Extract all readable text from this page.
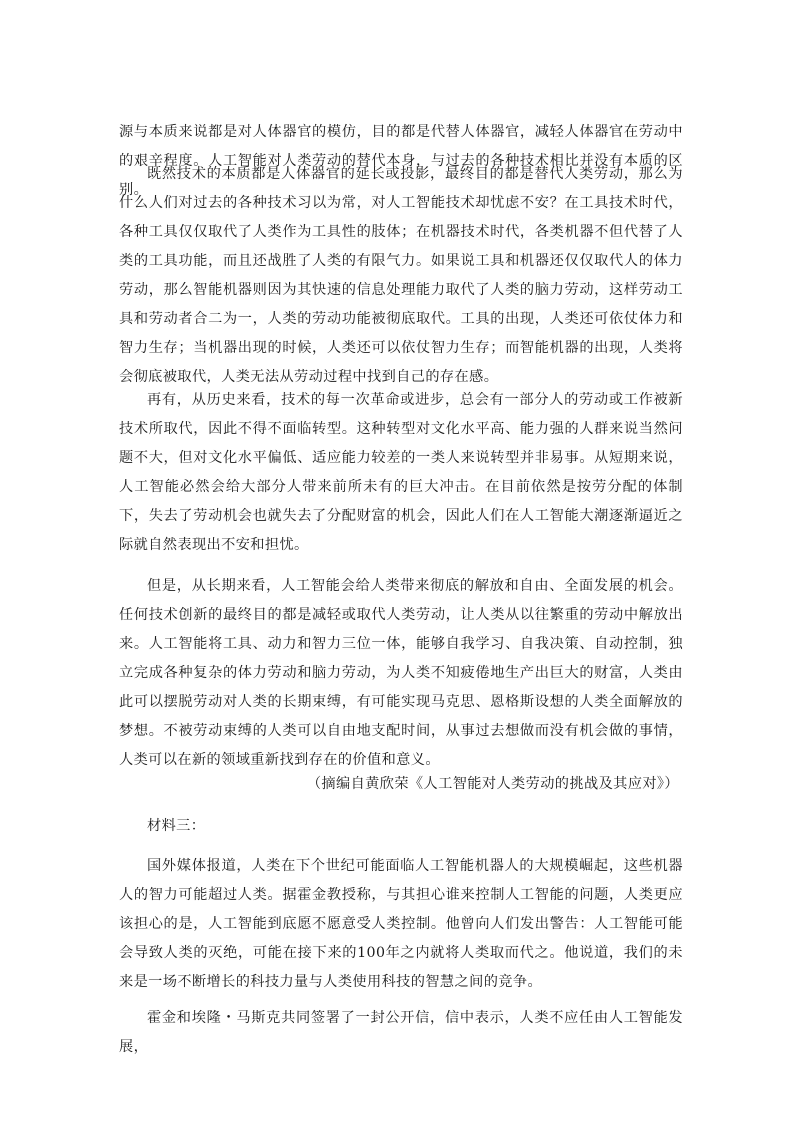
源与本质来说都是对人体器官的模仿，目的都是代替人体器官，减轻人体器官在劳动中的艰辛程度。人工智能对人类劳动的替代本身，与过去的各种技术相比并没有本质的区别。

既然技术的本质都是人体器官的延长或投影，最终目的都是替代人类劳动，那么为什么人们对过去的各种技术习以为常，对人工智能技术却忧虑不安？在工具技术时代，各种工具仅仅取代了人类作为工具性的肢体；在机器技术时代，各类机器不但代替了人类的工具功能，而且还战胜了人类的有限气力。如果说工具和机器还仅仅取代人的体力劳动，那么智能机器则因为其快速的信息处理能力取代了人类的脑力劳动，这样劳动工具和劳动者合二为一，人类的劳动功能被彻底取代。工具的出现，人类还可依仗体力和智力生存；当机器出现的时候，人类还可以依仗智力生存；而智能机器的出现，人类将会彻底被取代，人类无法从劳动过程中找到自己的存在感。

再有，从历史来看，技术的每一次革命或进步，总会有一部分人的劳动或工作被新技术所取代，因此不得不面临转型。这种转型对文化水平高、能力强的人群来说当然问题不大，但对文化水平偏低、适应能力较差的一类人来说转型并非易事。从短期来说，人工智能必然会给大部分人带来前所未有的巨大冲击。在目前依然是按劳分配的体制下，失去了劳动机会也就失去了分配财富的机会，因此人们在人工智能大潮逐渐逼近之际就自然表现出不安和担忧。

但是，从长期来看，人工智能会给人类带来彻底的解放和自由、全面发展的机会。任何技术创新的最终目的都是减轻或取代人类劳动，让人类从以往繁重的劳动中解放出来。人工智能将工具、动力和智力三位一体，能够自我学习、自我决策、自动控制，独立完成各种复杂的体力劳动和脑力劳动，为人类不知疲倦地生产出巨大的财富，人类由此可以摆脱劳动对人类的长期束缚，有可能实现马克思、恩格斯设想的人类全面解放的梦想。不被劳动束缚的人类可以自由地支配时间，从事过去想做而没有机会做的事情，人类可以在新的领域重新找到存在的价值和意义。

（摘编自黄欣荣《人工智能对人类劳动的挑战及其应对》）

材料三：

国外媒体报道，人类在下个世纪可能面临人工智能机器人的大规模崛起，这些机器人的智力可能超过人类。据霍金教授称，与其担心谁来控制人工智能的问题，人类更应该担心的是，人工智能到底愿不愿意受人类控制。他曾向人们发出警告：人工智能可能会导致人类的灭绝，可能在接下来的100年之内就将人类取而代之。他说道，我们的未来是一场不断增长的科技力量与人类使用科技的智慧之间的竞争。

霍金和埃隆・马斯克共同签署了一封公开信，信中表示，人类不应任由人工智能发展，
